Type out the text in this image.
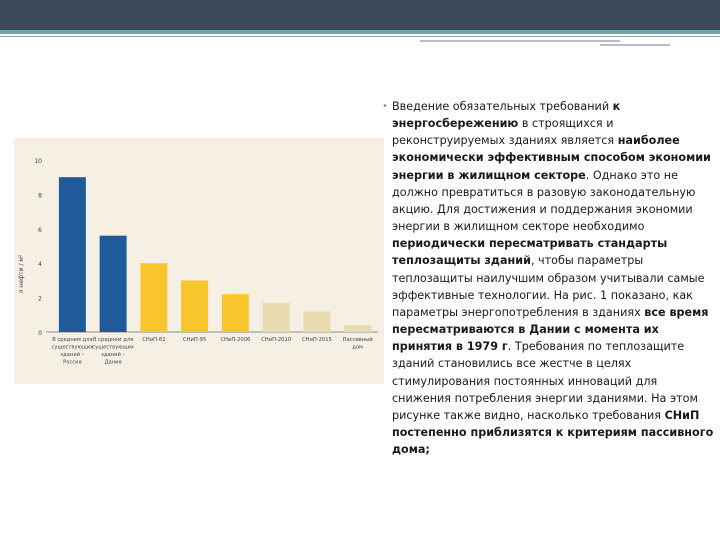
0
2
4
6
8
10
л нефти / м²
В среднем для
существующих
зданий –
Россия
В среднем для
существующих
зданий –
Дания
СНиП-82	СНиП-95	СНиП-2006 СНиП-2010 СНиП-2015 Пассивный
дом
• Введение обязательных требований к энергосбережению в строящихся и реконструируемых зданиях является наиболее экономически эффективным способом экономии энергии в жилищном секторе. Однако это не должно превратиться в разовую законодательную акцию. Для достижения и поддержания экономии энергии в жилищном секторе необходимо периодически пересматривать стандарты теплозащиты зданий, чтобы параметры теплозащиты наилучшим образом учитывали самые эффективные технологии. На рис. 1 показано, как параметры энергопотребления в зданиях все время пересматриваются в Дании с момента их принятия в 1979 г. Требования по теплозащите зданий становились все жестче в целях стимулирования постоянных инноваций для снижения потребления энергии зданиями. На этом рисунке также видно, насколько требования СНиП постепенно приблизятся к критериям пассивного дома;
